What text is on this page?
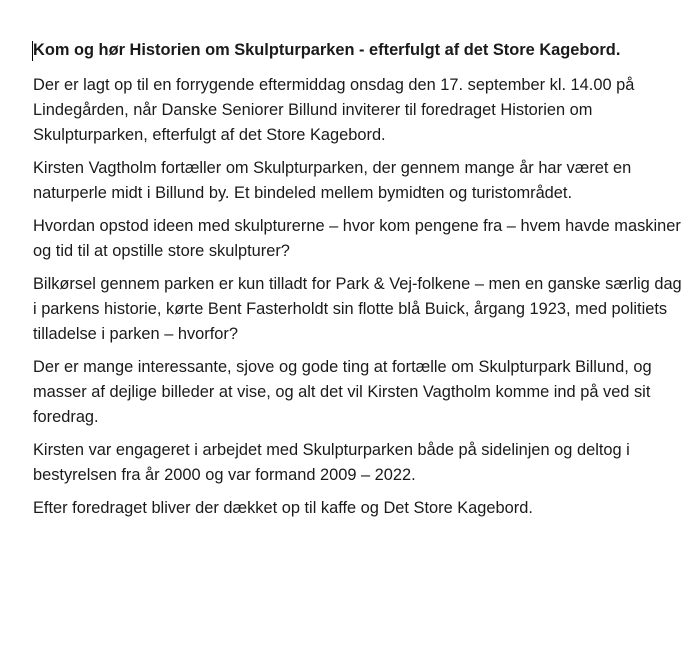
Kom og hør Historien om Skulpturparken - efterfulgt af det Store Kagebord.

Der er lagt op til en forrygende eftermiddag onsdag den 17. september kl. 14.00 på Lindegården, når Danske Seniorer Billund inviterer til foredraget Historien om Skulpturparken, efterfulgt af det Store Kagebord.

Kirsten Vagtholm fortæller om Skulpturparken, der gennem mange år har været en naturperle midt i Billund by. Et bindeled mellem bymidten og turistområdet.

Hvordan opstod ideen med skulpturerne – hvor kom pengene fra – hvem havde maskiner og tid til at opstille store skulpturer?

Bilkørsel gennem parken er kun tilladt for Park & Vej-folkene – men en ganske særlig dag i parkens historie, kørte Bent Fasterholdt sin flotte blå Buick, årgang 1923, med politiets tilladelse i parken – hvorfor?

Der er mange interessante, sjove og gode ting at fortælle om Skulpturpark Billund, og masser af dejlige billeder at vise, og alt det vil Kirsten Vagtholm komme ind på ved sit foredrag.

Kirsten var engageret i arbejdet med Skulpturparken både på sidelinjen og deltog i bestyrelsen fra år 2000 og var formand 2009 – 2022.

Efter foredraget bliver der dækket op til kaffe og Det Store Kagebord.
